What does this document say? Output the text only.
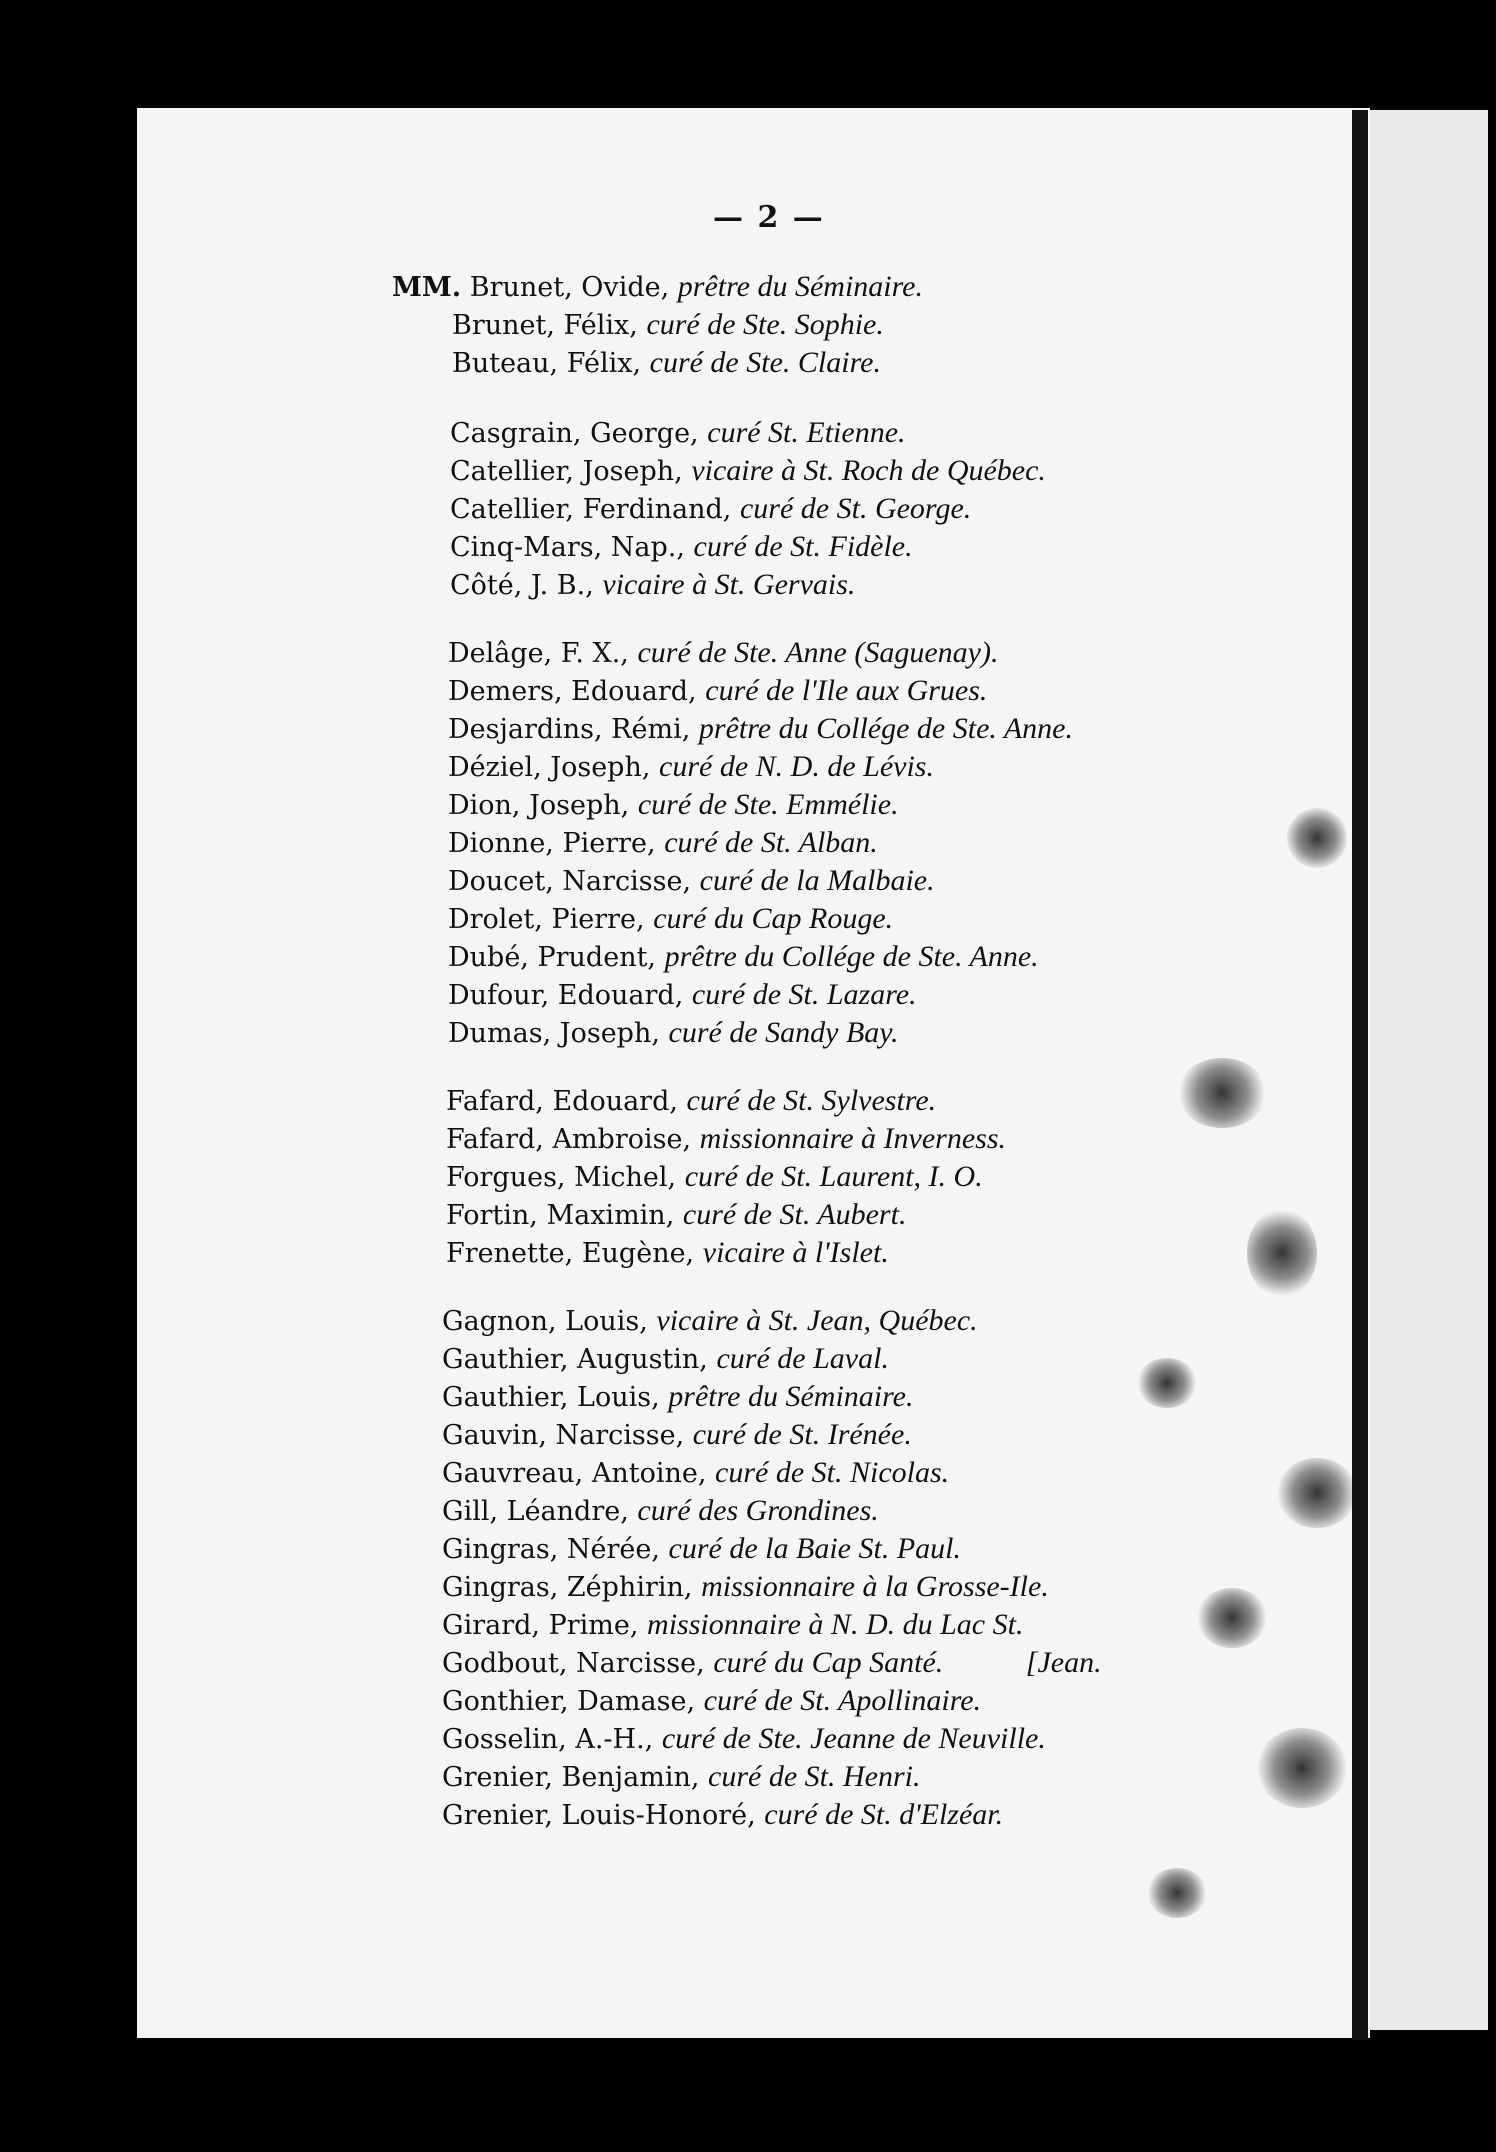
— 2 —
MM. Brunet, Ovide, prêtre du Séminaire.
Brunet, Félix, curé de Ste. Sophie.
Buteau, Félix, curé de Ste. Claire.
Casgrain, George, curé St. Etienne.
Catellier, Joseph, vicaire à St. Roch de Québec.
Catellier, Ferdinand, curé de St. George.
Cinq-Mars, Nap., curé de St. Fidèle.
Côté, J. B., vicaire à St. Gervais.
Delâge, F. X., curé de Ste. Anne (Saguenay).
Demers, Edouard, curé de l'Ile aux Grues.
Desjardins, Rémi, prêtre du Collége de Ste. Anne.
Déziel, Joseph, curé de N. D. de Lévis.
Dion, Joseph, curé de Ste. Emmélie.
Dionne, Pierre, curé de St. Alban.
Doucet, Narcisse, curé de la Malbaie.
Drolet, Pierre, curé du Cap Rouge.
Dubé, Prudent, prêtre du Collége de Ste. Anne.
Dufour, Edouard, curé de St. Lazare.
Dumas, Joseph, curé de Sandy Bay.
Fafard, Edouard, curé de St. Sylvestre.
Fafard, Ambroise, missionnaire à Inverness.
Forgues, Michel, curé de St. Laurent, I. O.
Fortin, Maximin, curé de St. Aubert.
Frenette, Eugène, vicaire à l'Islet.
Gagnon, Louis, vicaire à St. Jean, Québec.
Gauthier, Augustin, curé de Laval.
Gauthier, Louis, prêtre du Séminaire.
Gauvin, Narcisse, curé de St. Irénée.
Gauvreau, Antoine, curé de St. Nicolas.
Gill, Léandre, curé des Grondines.
Gingras, Nérée, curé de la Baie St. Paul.
Gingras, Zéphirin, missionnaire à la Grosse-Ile.
Girard, Prime, missionnaire à N. D. du Lac St.
Godbout, Narcisse, curé du Cap Santé.           [Jean.
Gonthier, Damase, curé de St. Apollinaire.
Gosselin, A.-H., curé de Ste. Jeanne de Neuville.
Grenier, Benjamin, curé de St. Henri.
Grenier, Louis-Honoré, curé de St. d'Elzéar.
